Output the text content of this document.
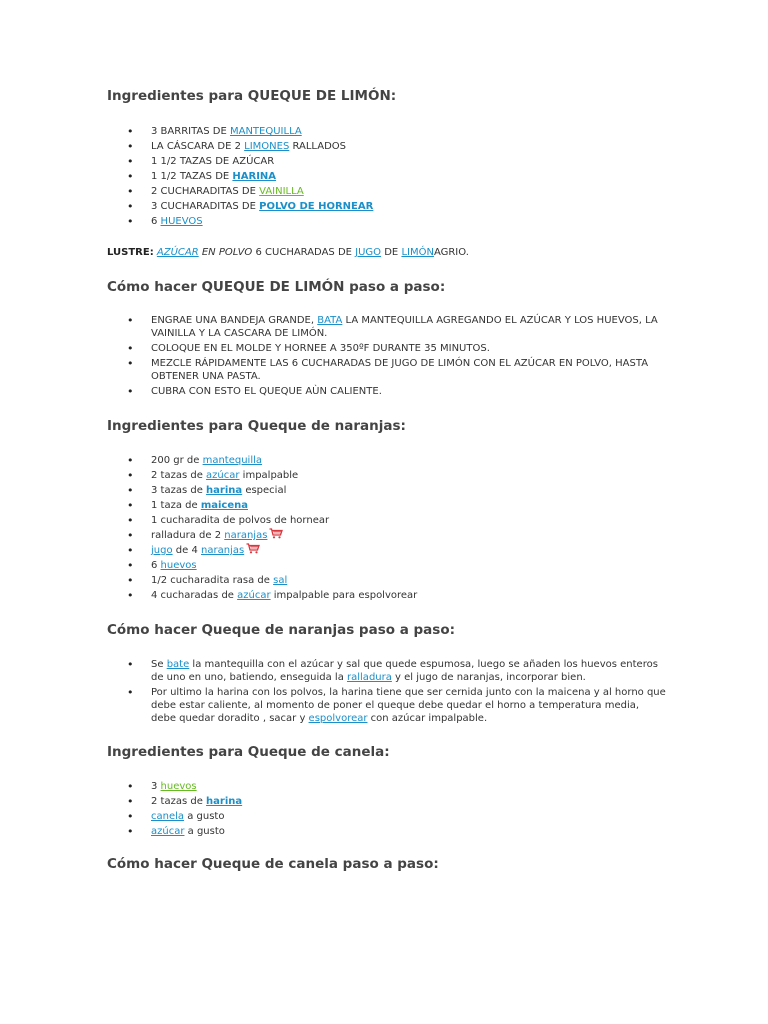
Ingredientes para QUEQUE DE LIMÓN:
• 3 BARRITAS DE MANTEQUILLA
• LA CÁSCARA DE 2 LIMONES RALLADOS
• 1 1/2 TAZAS DE AZÚCAR
• 1 1/2 TAZAS DE HARINA
• 2 CUCHARADITAS DE VAINILLA
• 3 CUCHARADITAS DE POLVO DE HORNEAR
• 6 HUEVOS
LUSTRE: AZÚCAR EN POLVO 6 CUCHARADAS DE JUGO DE LIMÓNAGRIO.
Cómo hacer QUEQUE DE LIMÓN paso a paso:
• ENGRAE UNA BANDEJA GRANDE, BATA LA MANTEQUILLA AGREGANDO EL AZÚCAR Y LOS HUEVOS, LA VAINILLA Y LA CASCARA DE LIMÓN.
• COLOQUE EN EL MOLDE Y HORNEE A 350ºF DURANTE 35 MINUTOS.
• MEZCLE RÁPIDAMENTE LAS 6 CUCHARADAS DE JUGO DE LIMÓN CON EL AZÚCAR EN POLVO, HASTA OBTENER UNA PASTA.
• CUBRA CON ESTO EL QUEQUE AÙN CALIENTE.
Ingredientes para Queque de naranjas:
• 200 gr de mantequilla
• 2 tazas de azúcar impalpable
• 3 tazas de harina especial
• 1 taza de maicena
• 1 cucharadita de polvos de hornear
• ralladura de 2 naranjas
• jugo de 4 naranjas
• 6 huevos
• 1/2 cucharadita rasa de sal
• 4 cucharadas de azúcar impalpable para espolvorear
Cómo hacer Queque de naranjas paso a paso:
• Se bate la mantequilla con el azúcar y sal que quede espumosa, luego se añaden los huevos enteros de uno en uno, batiendo, enseguida la ralladura y el jugo de naranjas, incorporar bien.
• Por ultimo la harina con los polvos, la harina tiene que ser cernida junto con la maicena y al horno que debe estar caliente, al momento de poner el queque debe quedar el horno a temperatura media, debe quedar doradito , sacar y espolvorear con azúcar impalpable.
Ingredientes para Queque de canela:
• 3 huevos
• 2 tazas de harina
• canela a gusto
• azúcar a gusto
Cómo hacer Queque de canela paso a paso:
